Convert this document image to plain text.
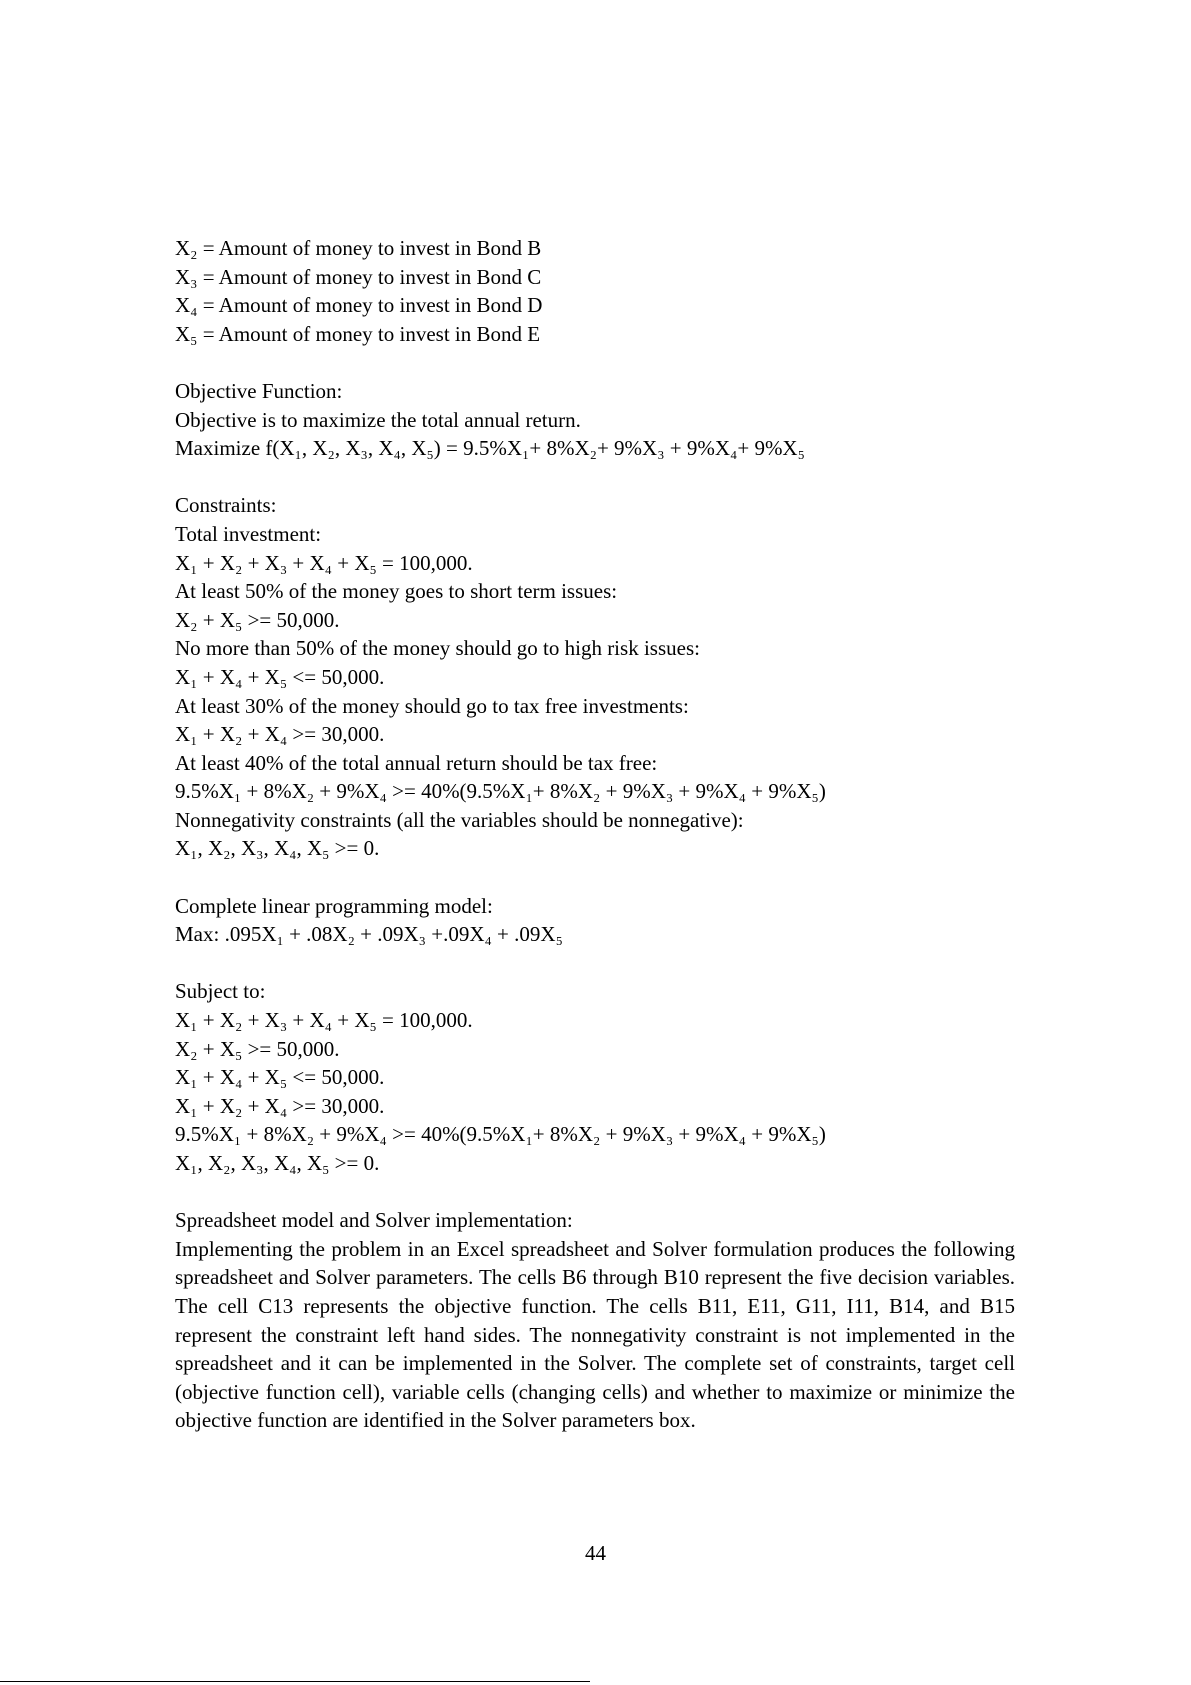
X₂ = Amount of money to invest in Bond B
X₃ = Amount of money to invest in Bond C
X₄ = Amount of money to invest in Bond D
X₅ = Amount of money to invest in Bond E
Objective Function:
Objective is to maximize the total annual return.
Maximize f(X₁, X₂, X₃, X₄, X₅) = 9.5%X₁+ 8%X₂+ 9%X₃ + 9%X₄+ 9%X₅
Constraints:
Total investment:
X₁ + X₂ + X₃ + X₄ + X₅ = 100,000.
At least 50% of the money goes to short term issues:
X₂ + X₅ >= 50,000.
No more than 50% of the money should go to high risk issues:
X₁ + X₄ + X₅ <= 50,000.
At least 30% of the money should go to tax free investments:
X₁ + X₂ + X₄ >= 30,000.
At least 40% of the total annual return should be tax free:
9.5%X₁ + 8%X₂ + 9%X₄ >= 40%(9.5%X₁+ 8%X₂ + 9%X₃ + 9%X₄ + 9%X₅)
Nonnegativity constraints (all the variables should be nonnegative):
X₁, X₂, X₃, X₄, X₅ >= 0.
Complete linear programming model:
Max: .095X₁ + .08X₂ + .09X₃ +.09X₄ + .09X₅
Subject to:
X₁ + X₂ + X₃ + X₄ + X₅ = 100,000.
X₂ + X₅ >= 50,000.
X₁ + X₄ + X₅ <= 50,000.
X₁ + X₂ + X₄ >= 30,000.
9.5%X₁ + 8%X₂ + 9%X₄ >= 40%(9.5%X₁+ 8%X₂ + 9%X₃ + 9%X₄ + 9%X₅)
X₁, X₂, X₃, X₄, X₅ >= 0.
Spreadsheet model and Solver implementation:

Implementing the problem in an Excel spreadsheet and Solver formulation produces the following spreadsheet and Solver parameters. The cells B6 through B10 represent the five decision variables. The cell C13 represents the objective function. The cells B11, E11, G11, I11, B14, and B15 represent the constraint left hand sides. The nonnegativity constraint is not implemented in the spreadsheet and it can be implemented in the Solver. The complete set of constraints, target cell (objective function cell), variable cells (changing cells) and whether to maximize or minimize the objective function are identified in the Solver parameters box.

44
